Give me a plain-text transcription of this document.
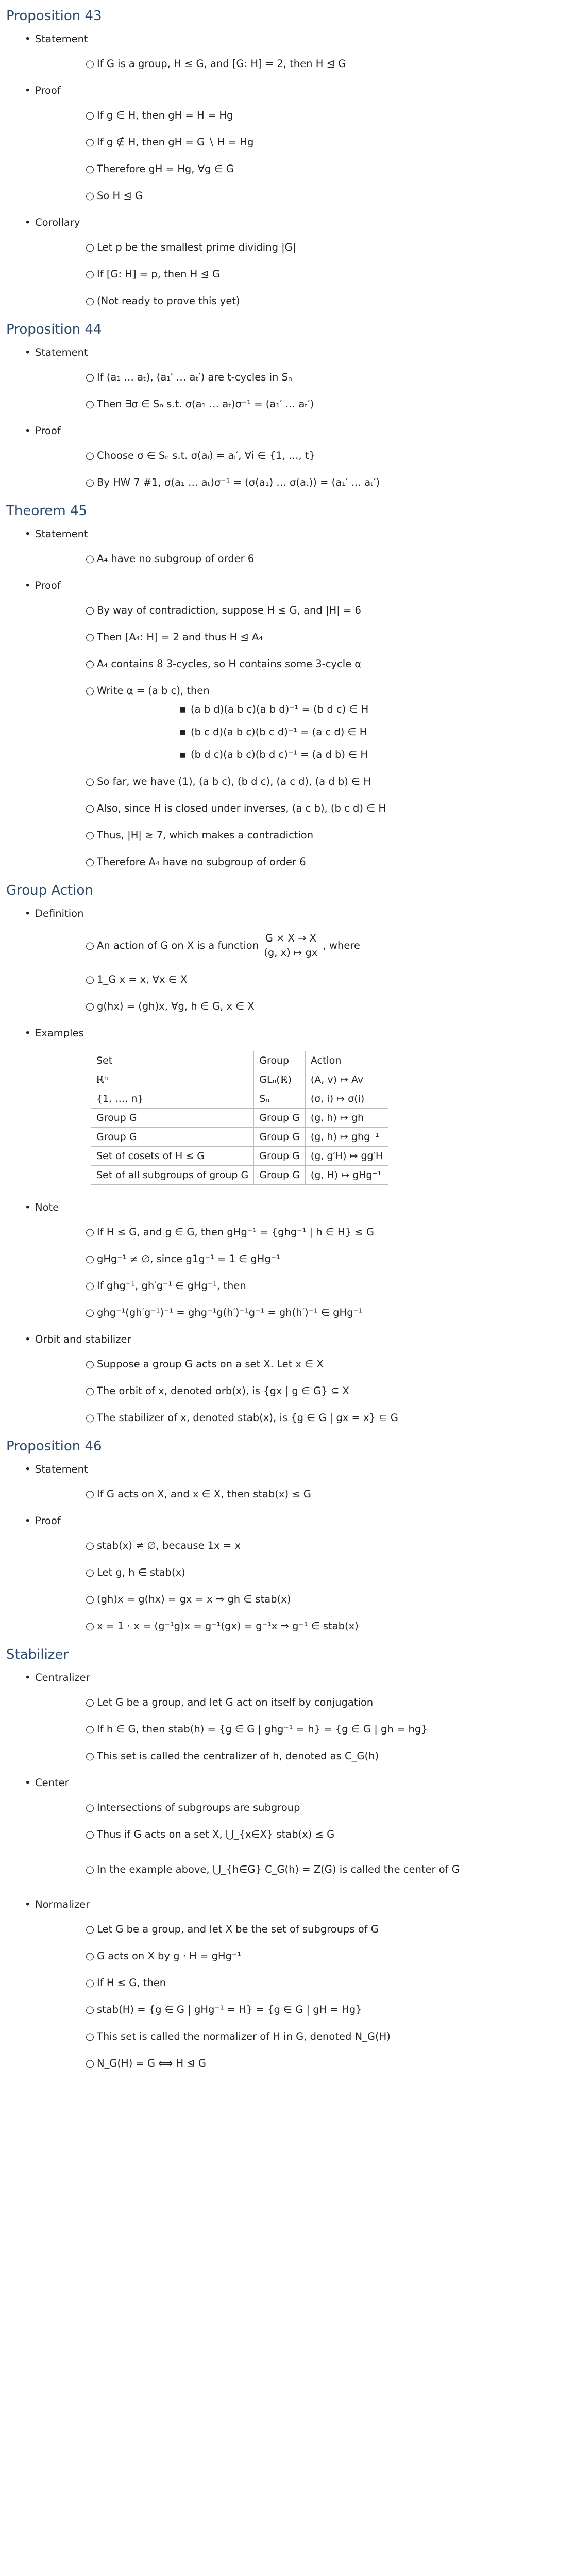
Proposition 43
• Statement
○ If G is a group, H ≤ G, and [G: H] = 2, then H ⊴ G
• Proof
○ If g ∈ H, then gH = H = Hg
○ If g ∉ H, then gH = G ∖ H = Hg
○ Therefore gH = Hg, ∀g ∈ G
○ So H ⊴ G
• Corollary
○ Let p be the smallest prime dividing |G|
○ If [G: H] = p, then H ⊴ G
○ (Not ready to prove this yet)
Proposition 44
• Statement
○ If (a₁ … aₜ), (a₁′ … aₜ′) are t-cycles in Sₙ
○ Then ∃σ ∈ Sₙ s.t. σ(a₁ … aₜ)σ⁻¹ = (a₁′ … aₜ′)
• Proof
○ Choose σ ∈ Sₙ s.t. σ(aᵢ) = aᵢ′, ∀i ∈ {1, …, t}
○ By HW 7 #1, σ(a₁ … aₜ)σ⁻¹ = (σ(a₁) … σ(aₜ)) = (a₁′ … aₜ′)
Theorem 45
• Statement
○ A₄ have no subgroup of order 6
• Proof
○ By way of contradiction, suppose H ≤ G, and |H| = 6
○ Then [A₄: H] = 2 and thus H ⊴ A₄
○ A₄ contains 8 3-cycles, so H contains some 3-cycle α
○ Write α = (a b c), then
▪ (a b d)(a b c)(a b d)⁻¹ = (b d c) ∈ H
▪ (b c d)(a b c)(b c d)⁻¹ = (a c d) ∈ H
▪ (b d c)(a b c)(b d c)⁻¹ = (a d b) ∈ H
○ So far, we have (1), (a b c), (b d c), (a c d), (a d b) ∈ H
○ Also, since H is closed under inverses, (a c b), (b c d) ∈ H
○ Thus, |H| ≥ 7, which makes a contradiction
○ Therefore A₄ have no subgroup of order 6
Group Action
• Definition
○ An action of G on X is a function
G × X → X
(g, x) ↦ gx
, where
○ 1_G x = x, ∀x ∈ X
○ g(hx) = (gh)x, ∀g, h ∈ G, x ∈ X
• Examples
Set	Group	Action
ℝⁿ	GLₙ(ℝ)	(A, v) ↦ Av
{1, …, n}	Sₙ	(σ, i) ↦ σ(i)
Group G	Group G	(g, h) ↦ gh
Group G	Group G	(g, h) ↦ ghg⁻¹
Set of cosets of H ≤ G	Group G	(g, g′H) ↦ gg′H
Set of all subgroups of group G	Group G	(g, H) ↦ gHg⁻¹
• Note
○ If H ≤ G, and g ∈ G, then gHg⁻¹ = {ghg⁻¹ | h ∈ H} ≤ G
○ gHg⁻¹ ≠ ∅, since g1g⁻¹ = 1 ∈ gHg⁻¹
○ If ghg⁻¹, gh′g⁻¹ ∈ gHg⁻¹, then
○ ghg⁻¹(gh′g⁻¹)⁻¹ = ghg⁻¹g(h′)⁻¹g⁻¹ = gh(h′)⁻¹ ∈ gHg⁻¹
• Orbit and stabilizer
○ Suppose a group G acts on a set X. Let x ∈ X
○ The orbit of x, denoted orb(x), is {gx | g ∈ G} ⊆ X
○ The stabilizer of x, denoted stab(x), is {g ∈ G | gx = x} ⊆ G
Proposition 46
• Statement
○ If G acts on X, and x ∈ X, then stab(x) ≤ G
• Proof
○ stab(x) ≠ ∅, because 1x = x
○ Let g, h ∈ stab(x)
○ (gh)x = g(hx) = gx = x ⇒ gh ∈ stab(x)
○ x = 1 · x = (g⁻¹g)x = g⁻¹(gx) = g⁻¹x ⇒ g⁻¹ ∈ stab(x)
Stabilizer
• Centralizer
○ Let G be a group, and let G act on itself by conjugation
○ If h ∈ G, then stab(h) = {g ∈ G | ghg⁻¹ = h} = {g ∈ G | gh = hg}
○ This set is called the centralizer of h, denoted as C_G(h)
• Center
○ Intersections of subgroups are subgroup
○ Thus if G acts on a set X, ⋃_{x∈X} stab(x) ≤ G
○ In the example above, ⋃_{h∈G} C_G(h) = Z(G) is called the center of G
• Normalizer
○ Let G be a group, and let X be the set of subgroups of G
○ G acts on X by g · H = gHg⁻¹
○ If H ≤ G, then
○ stab(H) = {g ∈ G | gHg⁻¹ = H} = {g ∈ G | gH = Hg}
○ This set is called the normalizer of H in G, denoted N_G(H)
○ N_G(H) = G ⟺ H ⊴ G
